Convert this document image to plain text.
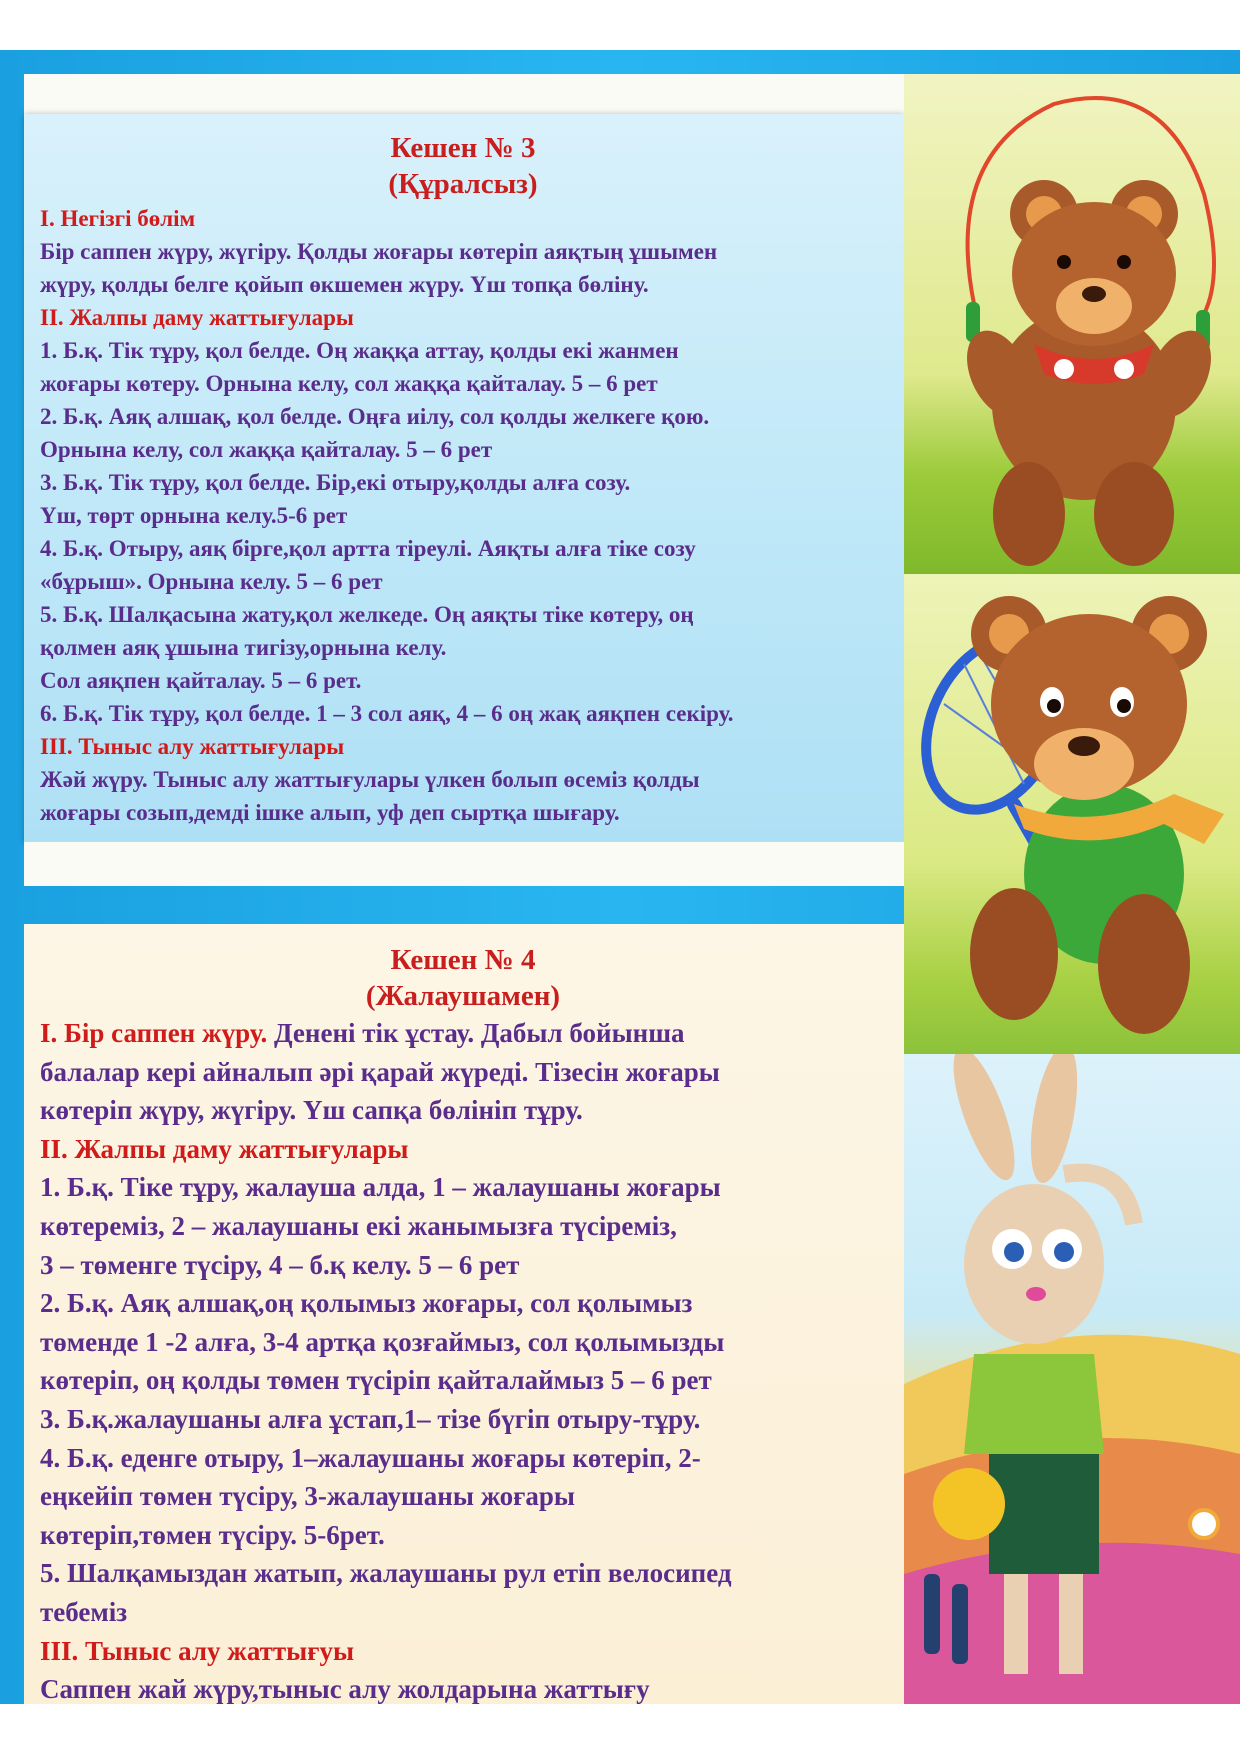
Кешен № 3

(Құралсыз)

І. Негізгі бөлім

Бір саппен жүру, жүгіру. Қолды жоғары көтеріп аяқтың ұшымен

жүру, қолды белге қойып өкшемен жүру. Үш топқа бөліну.

ІІ. Жалпы даму жаттығулары

1. Б.қ. Тік тұру, қол белде. Оң жаққа аттау, қолды екі жанмен

жоғары көтеру. Орнына келу, сол жаққа қайталау. 5 – 6 рет

2. Б.қ. Аяқ алшақ, қол белде. Оңға иілу, сол қолды желкеге қою.

Орнына келу, сол жаққа қайталау. 5 – 6 рет

3. Б.қ. Тік тұру, қол белде. Бір,екі отыру,қолды алға созу.

Үш, төрт орнына келу.5-6 рет

4. Б.қ. Отыру, аяқ бірге,қол артта тіреулі. Аяқты алға тіке созу

«бұрыш». Орнына келу. 5 – 6 рет

5. Б.қ. Шалқасына жату,қол желкеде. Оң аяқты тіке көтеру, оң

қолмен аяқ ұшына тигізу,орнына келу.

Сол аяқпен қайталау. 5 – 6 рет.

6. Б.қ. Тік тұру, қол белде. 1 – 3 сол аяқ, 4 – 6 оң жақ аяқпен секіру.

ІІІ. Тыныс алу жаттығулары

Жәй жүру. Тыныс алу жаттығулары үлкен болып өсеміз қолды

жоғары созып,демді ішке алып, уф деп сыртқа шығару.

Кешен № 4

(Жалаушамен)

І. Бір саппен жүру. Денені тік ұстау. Дабыл бойынша

балалар кері айналып әрі қарай жүреді. Тізесін жоғары

көтеріп жүру, жүгіру. Үш сапқа бөлініп тұру.

ІІ. Жалпы даму жаттығулары

1. Б.қ. Тіке тұру, жалауша алда, 1 – жалаушаны жоғары

көтереміз, 2 – жалаушаны екі жанымызға түсіреміз,

3 – төменге түсіру, 4 – б.қ келу. 5 – 6 рет

2. Б.қ. Аяқ алшақ,оң қолымыз жоғары, сол қолымыз

төменде 1 -2 алға, 3-4 артқа қозғаймыз, сол қолымызды

көтеріп, оң қолды төмен түсіріп қайталаймыз 5 – 6 рет

3. Б.қ.жалаушаны алға ұстап,1– тізе бүгіп отыру-тұру.

4. Б.қ. еденге отыру, 1–жалаушаны жоғары көтеріп, 2-

еңкейіп төмен түсіру, 3-жалаушаны жоғары

көтеріп,төмен түсіру. 5-6рет.

5. Шалқамыздан жатып, жалаушаны рул етіп велосипед

тебеміз

ІІІ. Тыныс алу жаттығуы

Саппен жай жүру,тыныс алу жолдарына жаттығу
